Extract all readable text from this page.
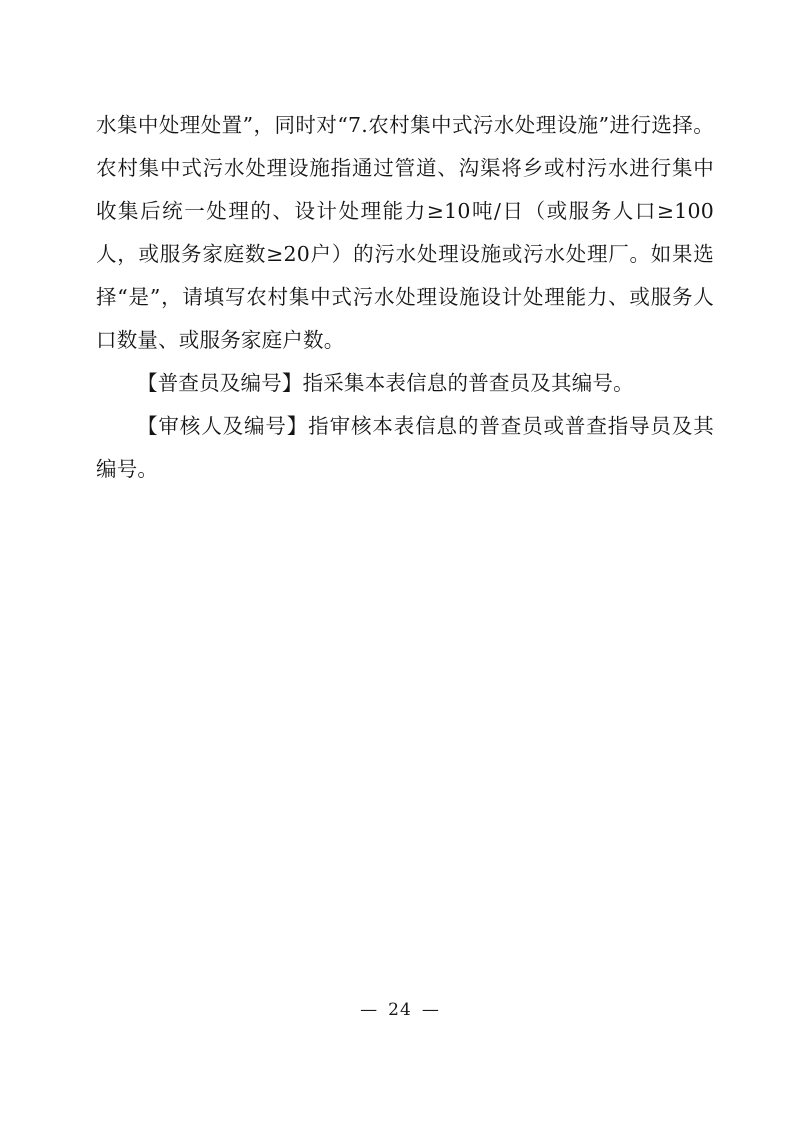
水集中处理处置”，同时对“7.农村集中式污水处理设施”进行选择。农村集中式污水处理设施指通过管道、沟渠将乡或村污水进行集中收集后统一处理的、设计处理能力≥10吨/日（或服务人口≥100人，或服务家庭数≥20户）的污水处理设施或污水处理厂。如果选择“是”，请填写农村集中式污水处理设施设计处理能力、或服务人口数量、或服务家庭户数。

【普查员及编号】指采集本表信息的普查员及其编号。

【审核人及编号】指审核本表信息的普查员或普查指导员及其编号。

— 24 —
